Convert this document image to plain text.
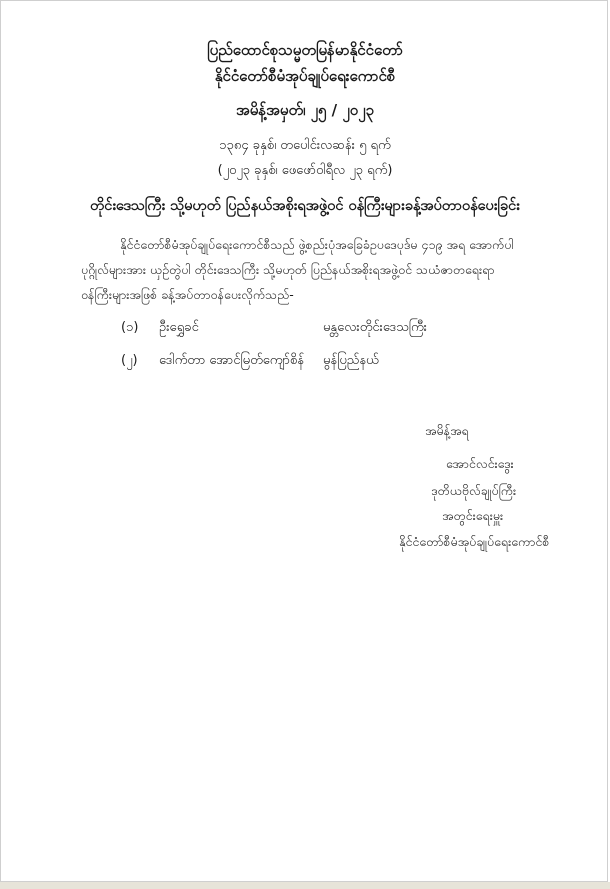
ပြည်ထောင်စုသမ္မတမြန်မာနိုင်ငံတော်
နိုင်ငံတော်စီမံအုပ်ချုပ်ရေးကောင်စီ
အမိန့်အမှတ်၊ ၂၅ / ၂၀၂၃
၁၃၈၄ ခုနှစ်၊ တပေါင်းလဆန်း ၅ ရက်
(၂၀၂၃ ခုနှစ်၊ ဖေဖော်ဝါရီလ ၂၃ ရက်)
တိုင်းဒေသကြီး သို့မဟုတ် ပြည်နယ်အစိုးရအဖွဲ့ဝင် ဝန်ကြီးများခန့်အပ်တာဝန်ပေးခြင်း
နိုင်ငံတော်စီမံအုပ်ချုပ်ရေးကောင်စီသည် ဖွဲ့စည်းပုံအခြေခံဥပဒေပုဒ်မ ၄၁၉ အရ အောက်ပါ
ပုဂ္ဂိုလ်များအား ယှဉ်တွဲပါ တိုင်းဒေသကြီး သို့မဟုတ် ပြည်နယ်အစိုးရအဖွဲ့ဝင် သယံဇာတရေးရာ
ဝန်ကြီးများအဖြစ် ခန့်အပ်တာဝန်ပေးလိုက်သည်-
(၁) ဦးရွှေခင်	မန္တလေးတိုင်းဒေသကြီး
(၂) ဒေါက်တာ အောင်မြတ်ကျော်စိန် မွန်ပြည်နယ်
အမိန့်အရ
အောင်လင်းဒွေး
ဒုတိယဗိုလ်ချုပ်ကြီး
အတွင်းရေးမှူး
နိုင်ငံတော်စီမံအုပ်ချုပ်ရေးကောင်စီ
